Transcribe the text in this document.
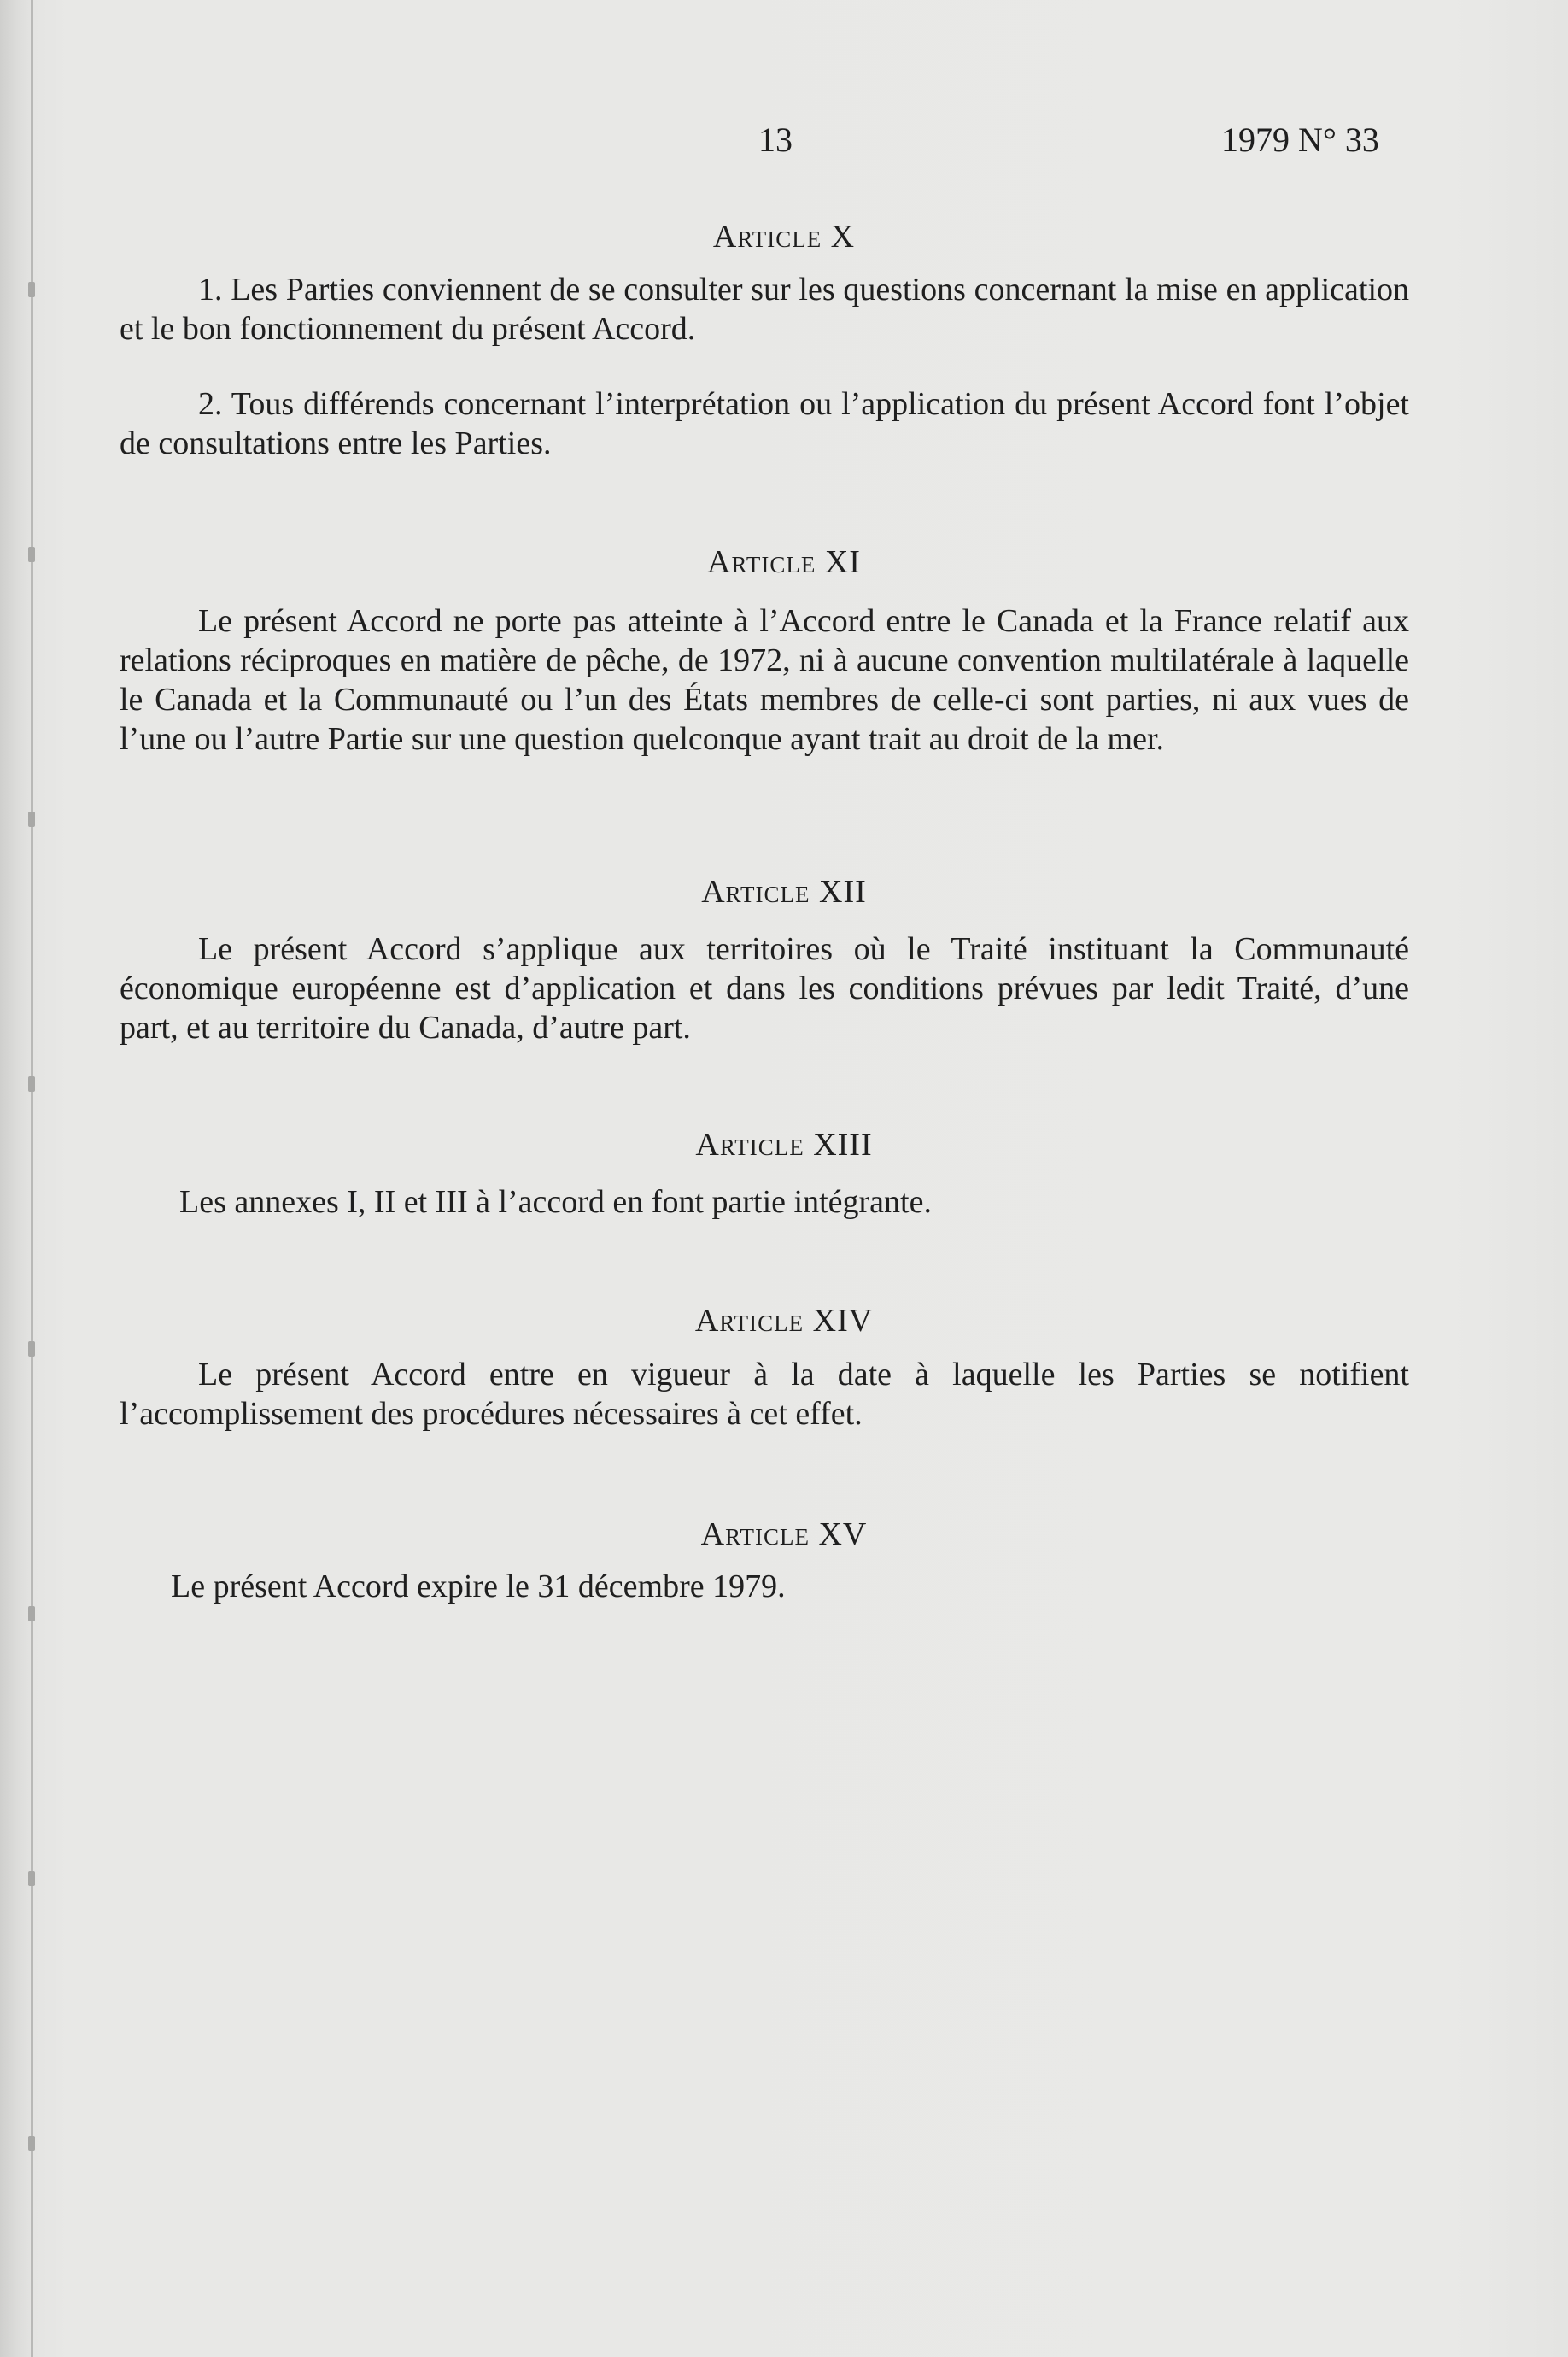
13	1979 N° 33

Article X

1. Les Parties conviennent de se consulter sur les questions concernant la mise en application et le bon fonctionnement du présent Accord.

2. Tous différends concernant l’interprétation ou l’application du présent Accord font l’objet de consultations entre les Parties.

Article XI

Le présent Accord ne porte pas atteinte à l’Accord entre le Canada et la France relatif aux relations réciproques en matière de pêche, de 1972, ni à aucune convention multilatérale à laquelle le Canada et la Communauté ou l’un des États membres de celle-ci sont parties, ni aux vues de l’une ou l’autre Partie sur une question quelconque ayant trait au droit de la mer.

Article XII

Le présent Accord s’applique aux territoires où le Traité instituant la Communauté économique européenne est d’application et dans les conditions prévues par ledit Traité, d’une part, et au territoire du Canada, d’autre part.

Article XIII

Les annexes I, II et III à l’accord en font partie intégrante.

Article XIV

Le présent Accord entre en vigueur à la date à laquelle les Parties se notifient l’accomplissement des procédures nécessaires à cet effet.

Article XV

Le présent Accord expire le 31 décembre 1979.
